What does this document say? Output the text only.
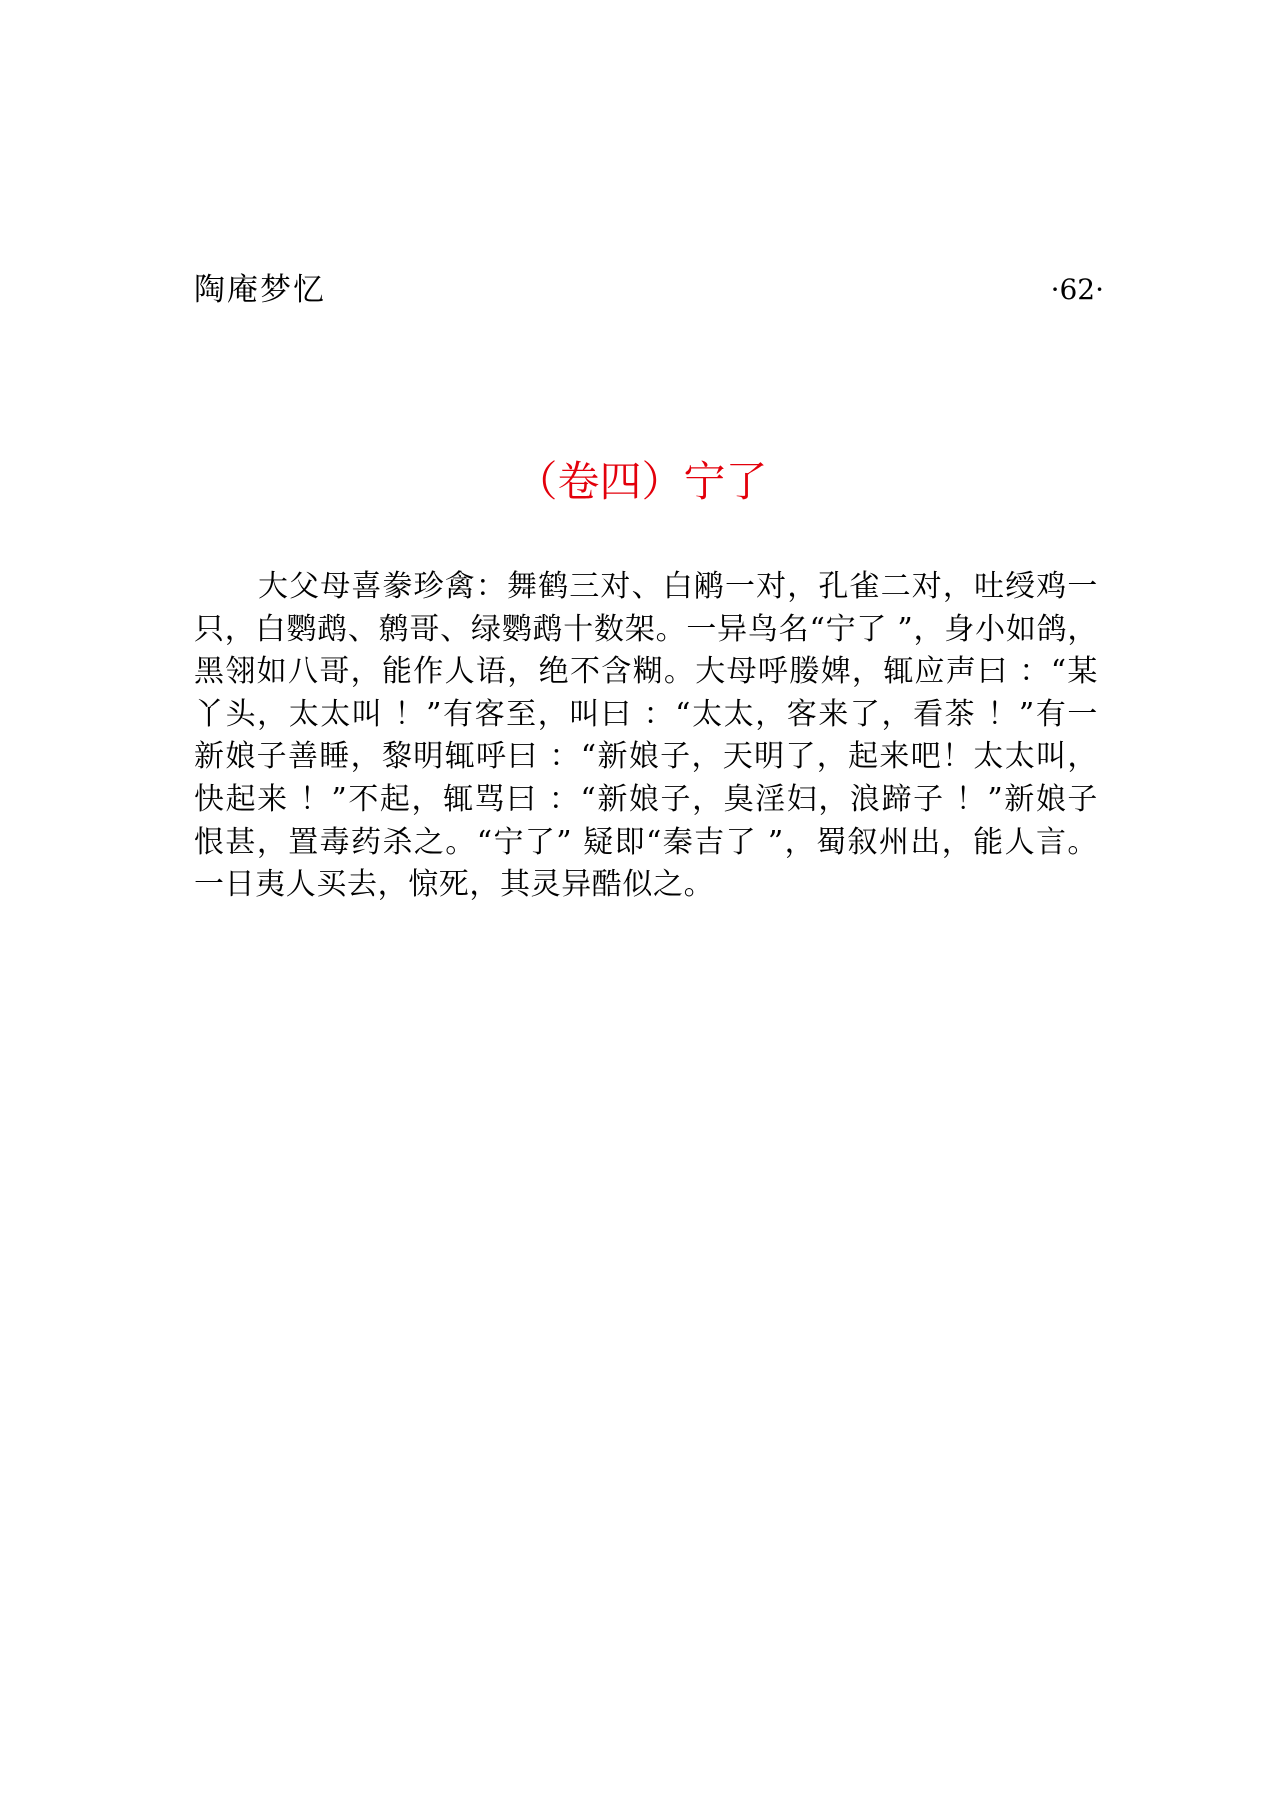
陶庵梦忆	·62·
（卷四）宁了

大父母喜豢珍禽：舞鹤三对、白鹇一对，孔雀二对，吐绶鸡一只，白鹦鹉、鹩哥、绿鹦鹉十数架。一异鸟名“宁了 ”，身小如鸽，黑翎如八哥，能作人语，绝不含糊。大母呼媵婢，辄应声曰 ：“某丫头，太太叫 ！”有客至，叫曰 ：“太太，客来了，看茶 ！”有一新娘子善睡，黎明辄呼曰 ：“新娘子，天明了，起来吧！太太叫，快起来 ！”不起，辄骂曰 ：“新娘子，臭淫妇，浪蹄子 ！”新娘子恨甚，置毒药杀之。“宁了” 疑即“秦吉了 ”，蜀叙州出，能人言。一日夷人买去，惊死，其灵异酷似之。
